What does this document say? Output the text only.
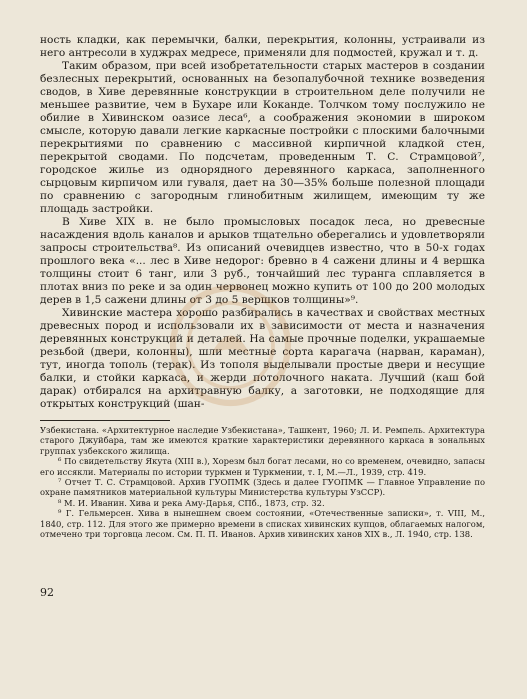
ность кладки, как перемычки, балки, перекрытия, колонны, устраивали из него антресоли в худжрах медресе, применяли для подмостей, кружал и т. д.

Таким образом, при всей изобретательности старых мастеров в создании безлесных перекрытий, основанных на безопалубочной технике возведения сводов, в Хиве деревянные конструкции в строительном деле получили не меньшее развитие, чем в Бухаре или Коканде. Толчком тому послужило не обилие в Хивинском оазисе леса⁶, а соображения экономии в широком смысле, которую давали легкие каркасные постройки с плоскими балочными перекрытиями по сравнению с массивной кирпичной кладкой стен, перекрытой сводами. По подсчетам, проведенным Т. С. Страмцовой⁷, городское жилье из однорядного деревянного каркаса, заполненного сырцовым кирпичом или гуваля, дает на 30—35% больше полезной площади по сравнению с загородным глинобитным жилищем, имеющим ту же площадь застройки.

В Хиве XIX в. не было промысловых посадок леса, но древесные насаждения вдоль каналов и арыков тщательно оберегались и удовлетворяли запросы строительства⁸. Из описаний очевидцев известно, что в 50-х годах прошлого века «... лес в Хиве недорог: бревно в 4 сажени длины и 4 вершка толщины стоит 6 танг, или 3 руб., тончайший лес туранга сплавляется в плотах вниз по реке и за один червонец можно купить от 100 до 200 молодых дерев в 1,5 сажени длины от 3 до 5 вершков толщины»⁹.

Хивинские мастера хорошо разбирались в качествах и свойствах местных древесных пород и использовали их в зависимости от места и назначения деревянных конструкций и деталей. На самые прочные поделки, украшаемые резьбой (двери, колонны), шли местные сорта карагача (нарван, караман), тут, иногда тополь (терак). Из тополя выделывали простые двери и несущие балки, и стойки каркаса, и жерди потолочного наката. Лучший (каш бой дарак) отбирался на архитравную балку, а заготовки, не подходящие для открытых конструкций (шан-

Узбекистана. «Архитектурное наследие Узбекистана», Ташкент, 1960; Л. И. Ремпель. Архитектура старого Джуйбара, там же имеются краткие характеристики деревянного каркаса в зональных группах узбекского жилища.

⁶ По свидетельству Якута (XIII в.), Хорезм был богат лесами, но со временем, очевидно, запасы его иссякли. Материалы по истории туркмен и Туркмении, т. I, М.—Л., 1939, стр. 419.

⁷ Отчет Т. С. Страмцовой. Архив ГУОПМК (Здесь и далее ГУОПМК — Главное Управление по охране памятников материальной культуры Министерства культуры УзССР).

⁸ М. И. Иванин. Хива и река Аму-Дарья, СПб., 1873, стр. 32.

⁹ Г. Гельмерсен. Хива в нынешнем своем состоянии, «Отечественные записки», т. VIII, М., 1840, стр. 112. Для этого же примерно времени в списках хивинских купцов, облагаемых налогом, отмечено три торговца лесом. См. П. П. Иванов. Архив хивинских ханов XIX в., Л. 1940, стр. 138.

92
